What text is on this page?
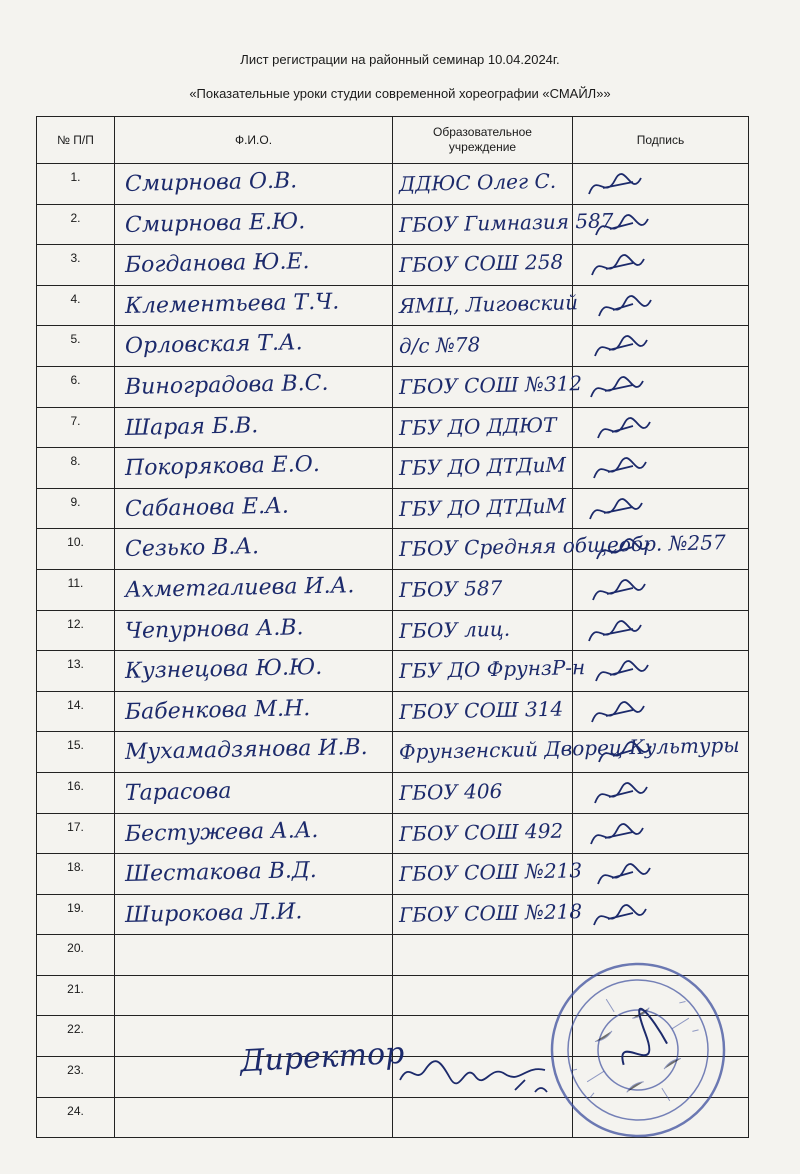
Лист регистрации на районный семинар 10.04.2024г.
«Показательные уроки студии современной хореографии «СМАЙЛ»»
№ П/П	Ф.И.О.	Образовательное учреждение	Подпись

1.	Смирнова О.В.	ДДЮС Олег С.

2.	Смирнова Е.Ю.	ГБОУ Гимназия 587

3.	Богданова Ю.Е.	ГБОУ СОШ 258

4.	Клементьева Т.Ч.	ЯМЦ, Лиговский

5.	Орловская Т.А.	д/с №78

6.	Виноградова В.С.	ГБОУ СОШ №312

7.	Шарая Б.В.	ГБУ ДО ДДЮТ

8.	Покорякова Е.О.	ГБУ ДО ДТДиМ

9.	Сабанова Е.А.	ГБУ ДО ДТДиМ

10.	Сезько В.А.	ГБОУ Средняя общеобр. №257

11.	Ахметгалиева И.А.	ГБОУ 587

12.	Чепурнова А.В.	ГБОУ лиц.

13.	Кузнецова Ю.Ю.	ГБУ ДО ФрунзР-н

14.	Бабенкова М.Н.	ГБОУ СОШ 314

15.	Мухамадзянова И.В.	Фрунзенский Дворец Культуры

16.	Тарасова	ГБОУ 406

17.	Бестужева А.А.	ГБОУ СОШ 492

18.	Шестакова В.Д.	ГБОУ СОШ №213

19.	Широкова Л.И.	ГБОУ СОШ №218

20.			

21.			

22.			

23.			

24.			

Директор
